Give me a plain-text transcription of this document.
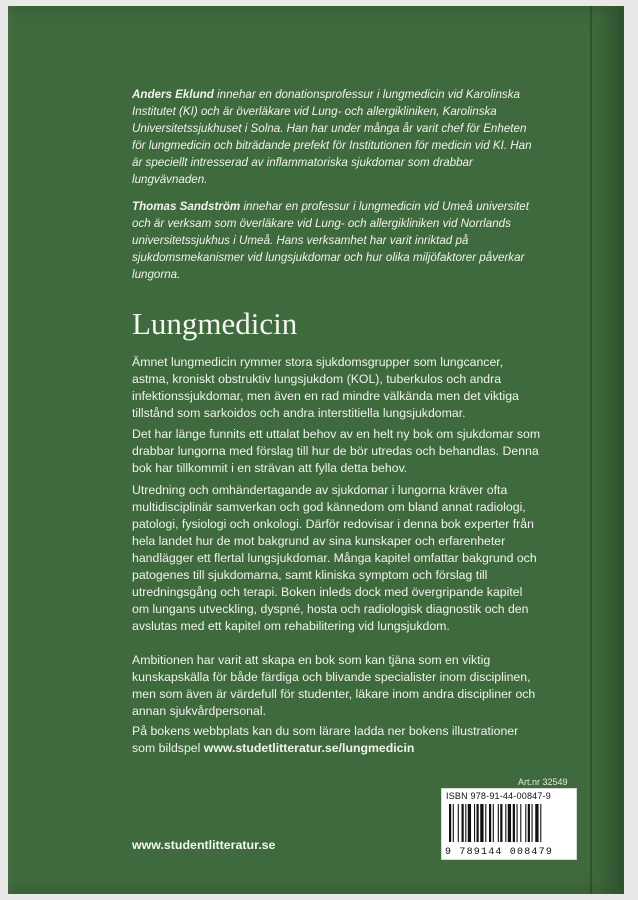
Anders Eklund innehar en donationsprofessur i lungmedicin vid Karolinska Institutet (KI) och är överläkare vid Lung- och allergikliniken, Karolinska Universitetssjukhuset i Solna. Han har under många år varit chef för Enheten för lungmedicin och biträdande prefekt för Institutionen för medicin vid KI. Han är speciellt intresserad av inflammatoriska sjukdomar som drabbar lungvävnaden.

Thomas Sandström innehar en professur i lungmedicin vid Umeå universitet och är verksam som överläkare vid Lung- och allergikliniken vid Norrlands universitetssjukhus i Umeå. Hans verksamhet har varit inriktad på sjukdomsmekanismer vid lungsjukdomar och hur olika miljöfaktorer påverkar lungorna.

Lungmedicin

Ämnet lungmedicin rymmer stora sjukdomsgrupper som lungcancer, astma, kroniskt obstruktiv lungsjukdom (KOL), tuberkulos och andra infektionssjukdomar, men även en rad mindre välkända men det viktiga tillstånd som sarkoidos och andra interstitiella lungsjukdomar.

Det har länge funnits ett uttalat behov av en helt ny bok om sjukdomar som drabbar lungorna med förslag till hur de bör utredas och behandlas. Denna bok har tillkommit i en strävan att fylla detta behov.

Utredning och omhändertagande av sjukdomar i lungorna kräver ofta multidisciplinär samverkan och god kännedom om bland annat radiologi, patologi, fysiologi och onkologi. Därför redovisar i denna bok experter från hela landet hur de mot bakgrund av sina kunskaper och erfarenheter handlägger ett flertal lungsjukdomar. Många kapitel omfattar bakgrund och patogenes till sjukdomarna, samt kliniska symptom och förslag till utredningsgång och terapi. Boken inleds dock med övergripande kapitel om lungans utveckling, dyspné, hosta och radiologisk diagnostik och den avslutas med ett kapitel om rehabilitering vid lungsjukdom.

Ambitionen har varit att skapa en bok som kan tjäna som en viktig kunskapskälla för både färdiga och blivande specialister inom disciplinen, men som även är värdefull för studenter, läkare inom andra discipliner och annan sjukvårdpersonal.

På bokens webbplats kan du som lärare ladda ner bokens illustrationer som bildspel www.studetlitteratur.se/lungmedicin

Art.nr 32549
ISBN 978-91-44-00847-9
9 789144 008479

www.studentlitteratur.se
